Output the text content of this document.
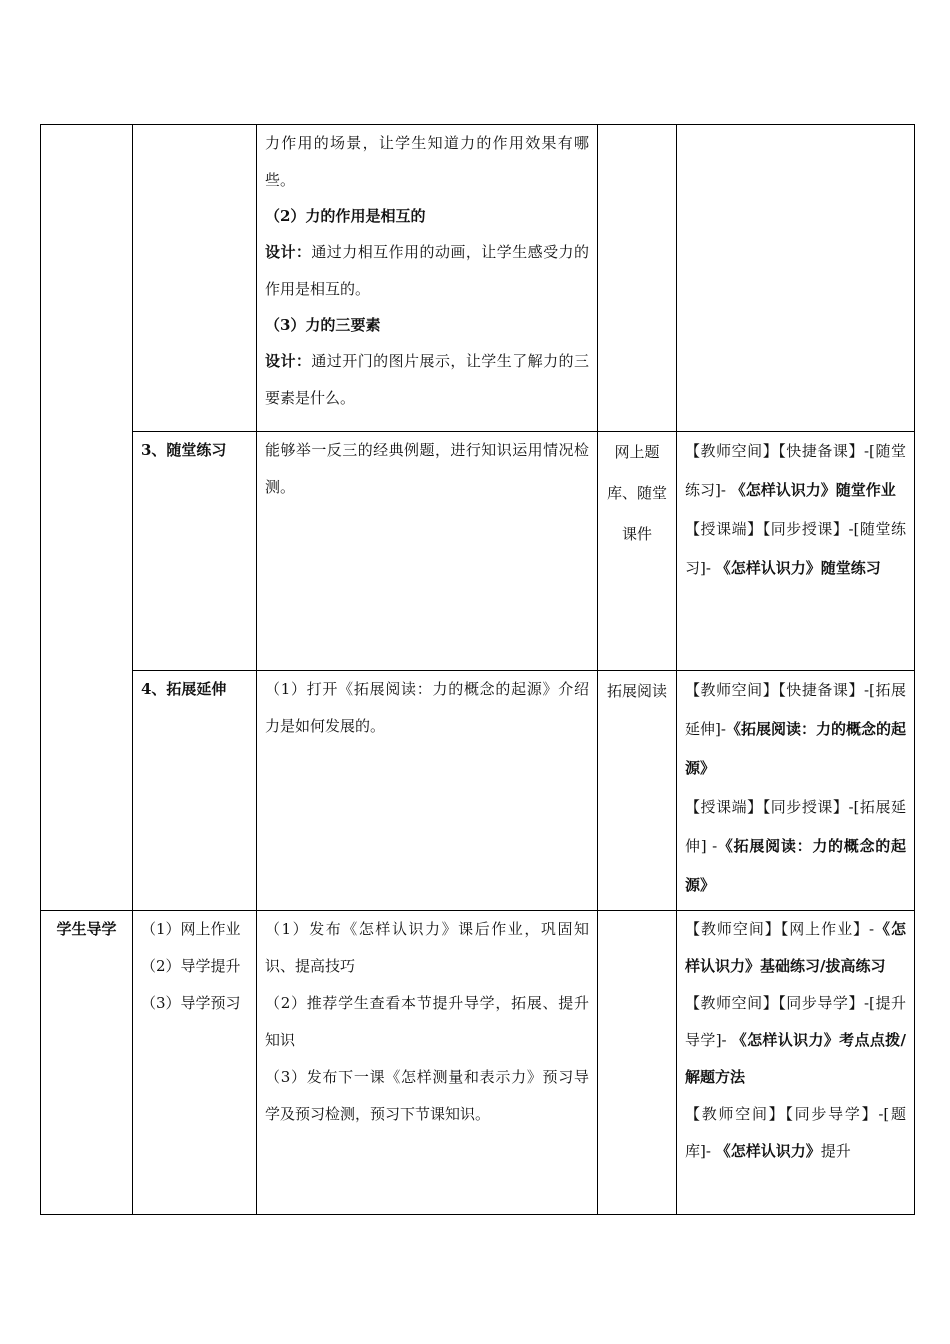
		力作用的场景，让学生知道力的作用效果有哪些。
（2）力的作用是相互的
设计：通过力相互作用的动画，让学生感受力的作用是相互的。
（3）力的三要素
设计：通过开门的图片展示，让学生了解力的三要素是什么。		

	3、随堂练习	能够举一反三的经典例题，进行知识运用情况检测。	网上题库、随堂课件	【教师空间】【快捷备课】-[随堂练习]- 《怎样认识力》随堂作业
【授课端】【同步授课】-[随堂练习]- 《怎样认识力》随堂练习

	4、拓展延伸	（1）打开《拓展阅读：力的概念的起源》介绍力是如何发展的。	拓展阅读	【教师空间】【快捷备课】-[拓展延伸]-《拓展阅读：力的概念的起源》
【授课端】【同步授课】-[拓展延伸] -《拓展阅读：力的概念的起源》

学生导学	（1）网上作业
（2）导学提升
（3）导学预习	（1）发布《怎样认识力》课后作业，巩固知识、提高技巧
（2）推荐学生查看本节提升导学，拓展、提升知识
（3）发布下一课《怎样测量和表示力》预习导学及预习检测，预习下节课知识。		【教师空间】【网上作业】-《怎样认识力》基础练习/拔高练习
【教师空间】【同步导学】-[提升导学]- 《怎样认识力》考点点拨/解题方法
【教师空间】【同步导学】-[题库]- 《怎样认识力》提升
